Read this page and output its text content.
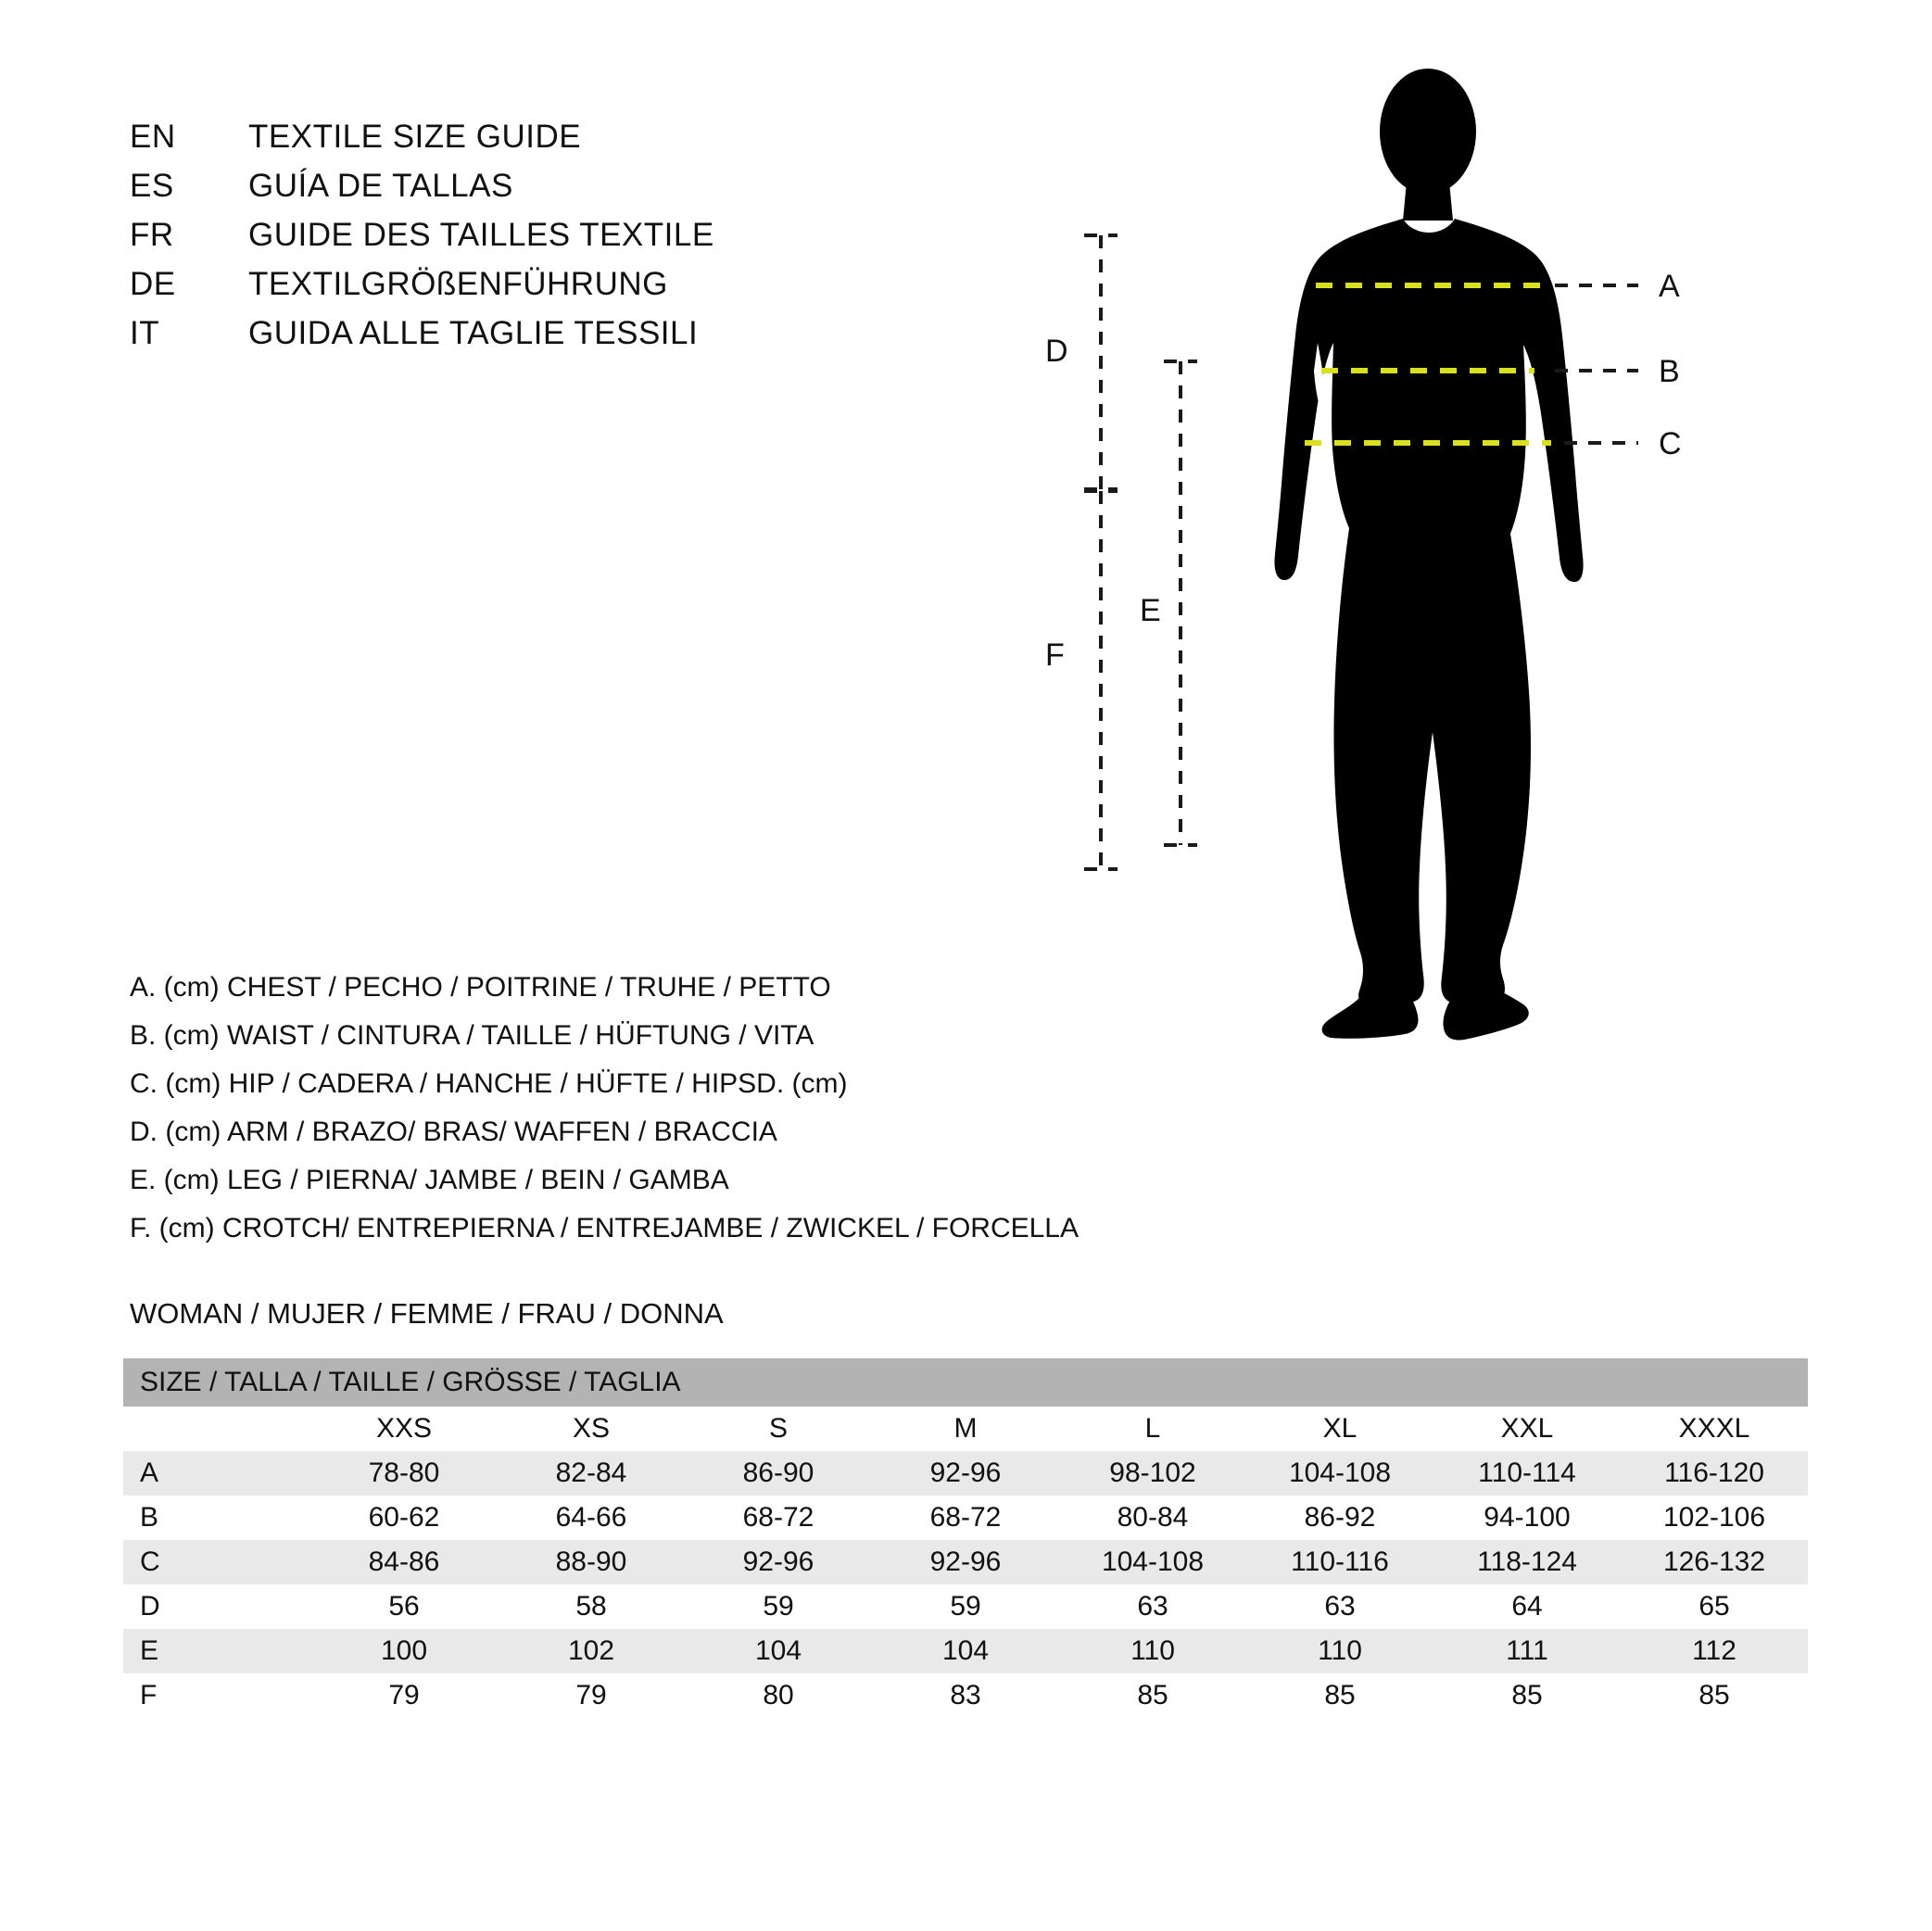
EN	TEXTILE SIZE GUIDE
ES	GUÍA DE TALLAS
FR	GUIDE DES TAILLES TEXTILE
DE	TEXTILGRÖßENFÜHRUNG
IT	GUIDA ALLE TAGLIE TESSILI
A
B
C
D
E
F
A. (cm) CHEST / PECHO / POITRINE / TRUHE / PETTO
B. (cm) WAIST / CINTURA / TAILLE / HÜFTUNG / VITA
C. (cm) HIP / CADERA / HANCHE / HÜFTE / HIPSD. (cm)
D. (cm) ARM / BRAZO/ BRAS/ WAFFEN / BRACCIA
E. (cm) LEG / PIERNA/ JAMBE / BEIN / GAMBA
F. (cm) CROTCH/ ENTREPIERNA / ENTREJAMBE / ZWICKEL / FORCELLA
WOMAN / MUJER / FEMME / FRAU / DONNA
SIZE / TALLA / TAILLE / GRÖSSE / TAGLIA								
	XXS	XS	S	M	L	XL	XXL	XXXL
A	78-80	82-84	86-90	92-96	98-102	104-108	110-114	116-120
B	60-62	64-66	68-72	68-72	80-84	86-92	94-100	102-106
C	84-86	88-90	92-96	92-96	104-108	110-116	118-124	126-132
D	56	58	59	59	63	63	64	65
E	100	102	104	104	110	110	111	112
F	79	79	80	83	85	85	85	85
